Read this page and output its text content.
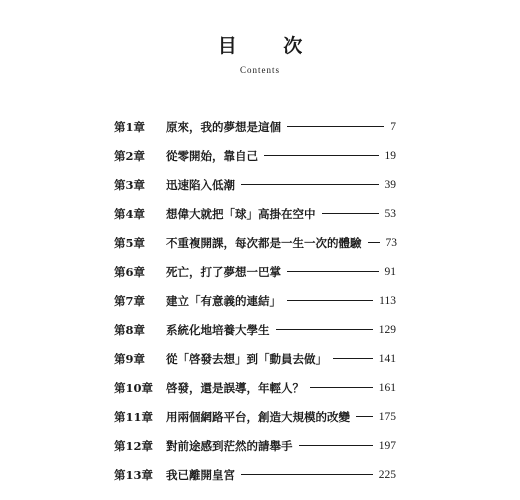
目 次
Contents
第1章	原來，我的夢想是這個	7
第2章	從零開始，靠自己	19
第3章	迅速陷入低潮	39
第4章	想偉大就把「球」高掛在空中	53
第5章	不重複開課，每次都是一生一次的體驗 73
第6章	死亡，打了夢想一巴掌	91
第7章	建立「有意義的連結」	113
第8章	系統化地培養大學生	129
第9章	從「啓發去想」到「動員去做」	141
第10章	啓發，還是誤導，年輕人？	161
第11章	用兩個網路平台，創造大規模的改變	175
第12章	對前途感到茫然的請舉手	197
第13章	我已離開皇宮	225
